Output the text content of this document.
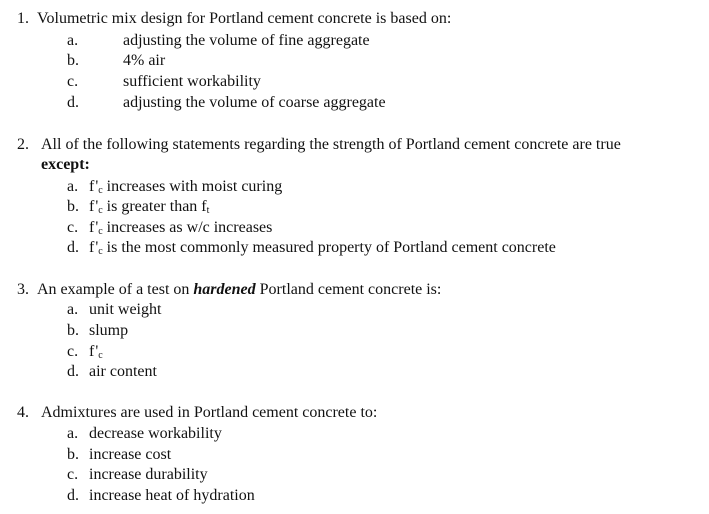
1. Volumetric mix design for Portland cement concrete is based on:
a.	adjusting the volume of fine aggregate
b.	4% air
c.	sufficient workability
d.	adjusting the volume of coarse aggregate
2. All of the following statements regarding the strength of Portland cement concrete are true
except:
a. $f'_c$ increases with moist curing
b. $f'_c$ is greater than $f_t$
c. $f'_c$ increases as w/c increases
d. $f'_c$ is the most commonly measured property of Portland cement concrete
3. An example of a test on hardened Portland cement concrete is:
a. unit weight
b. slump
c. $f'_c$
d. air content
4. Admixtures are used in Portland cement concrete to:
a. decrease workability
b. increase cost
c. increase durability
d. increase heat of hydration
